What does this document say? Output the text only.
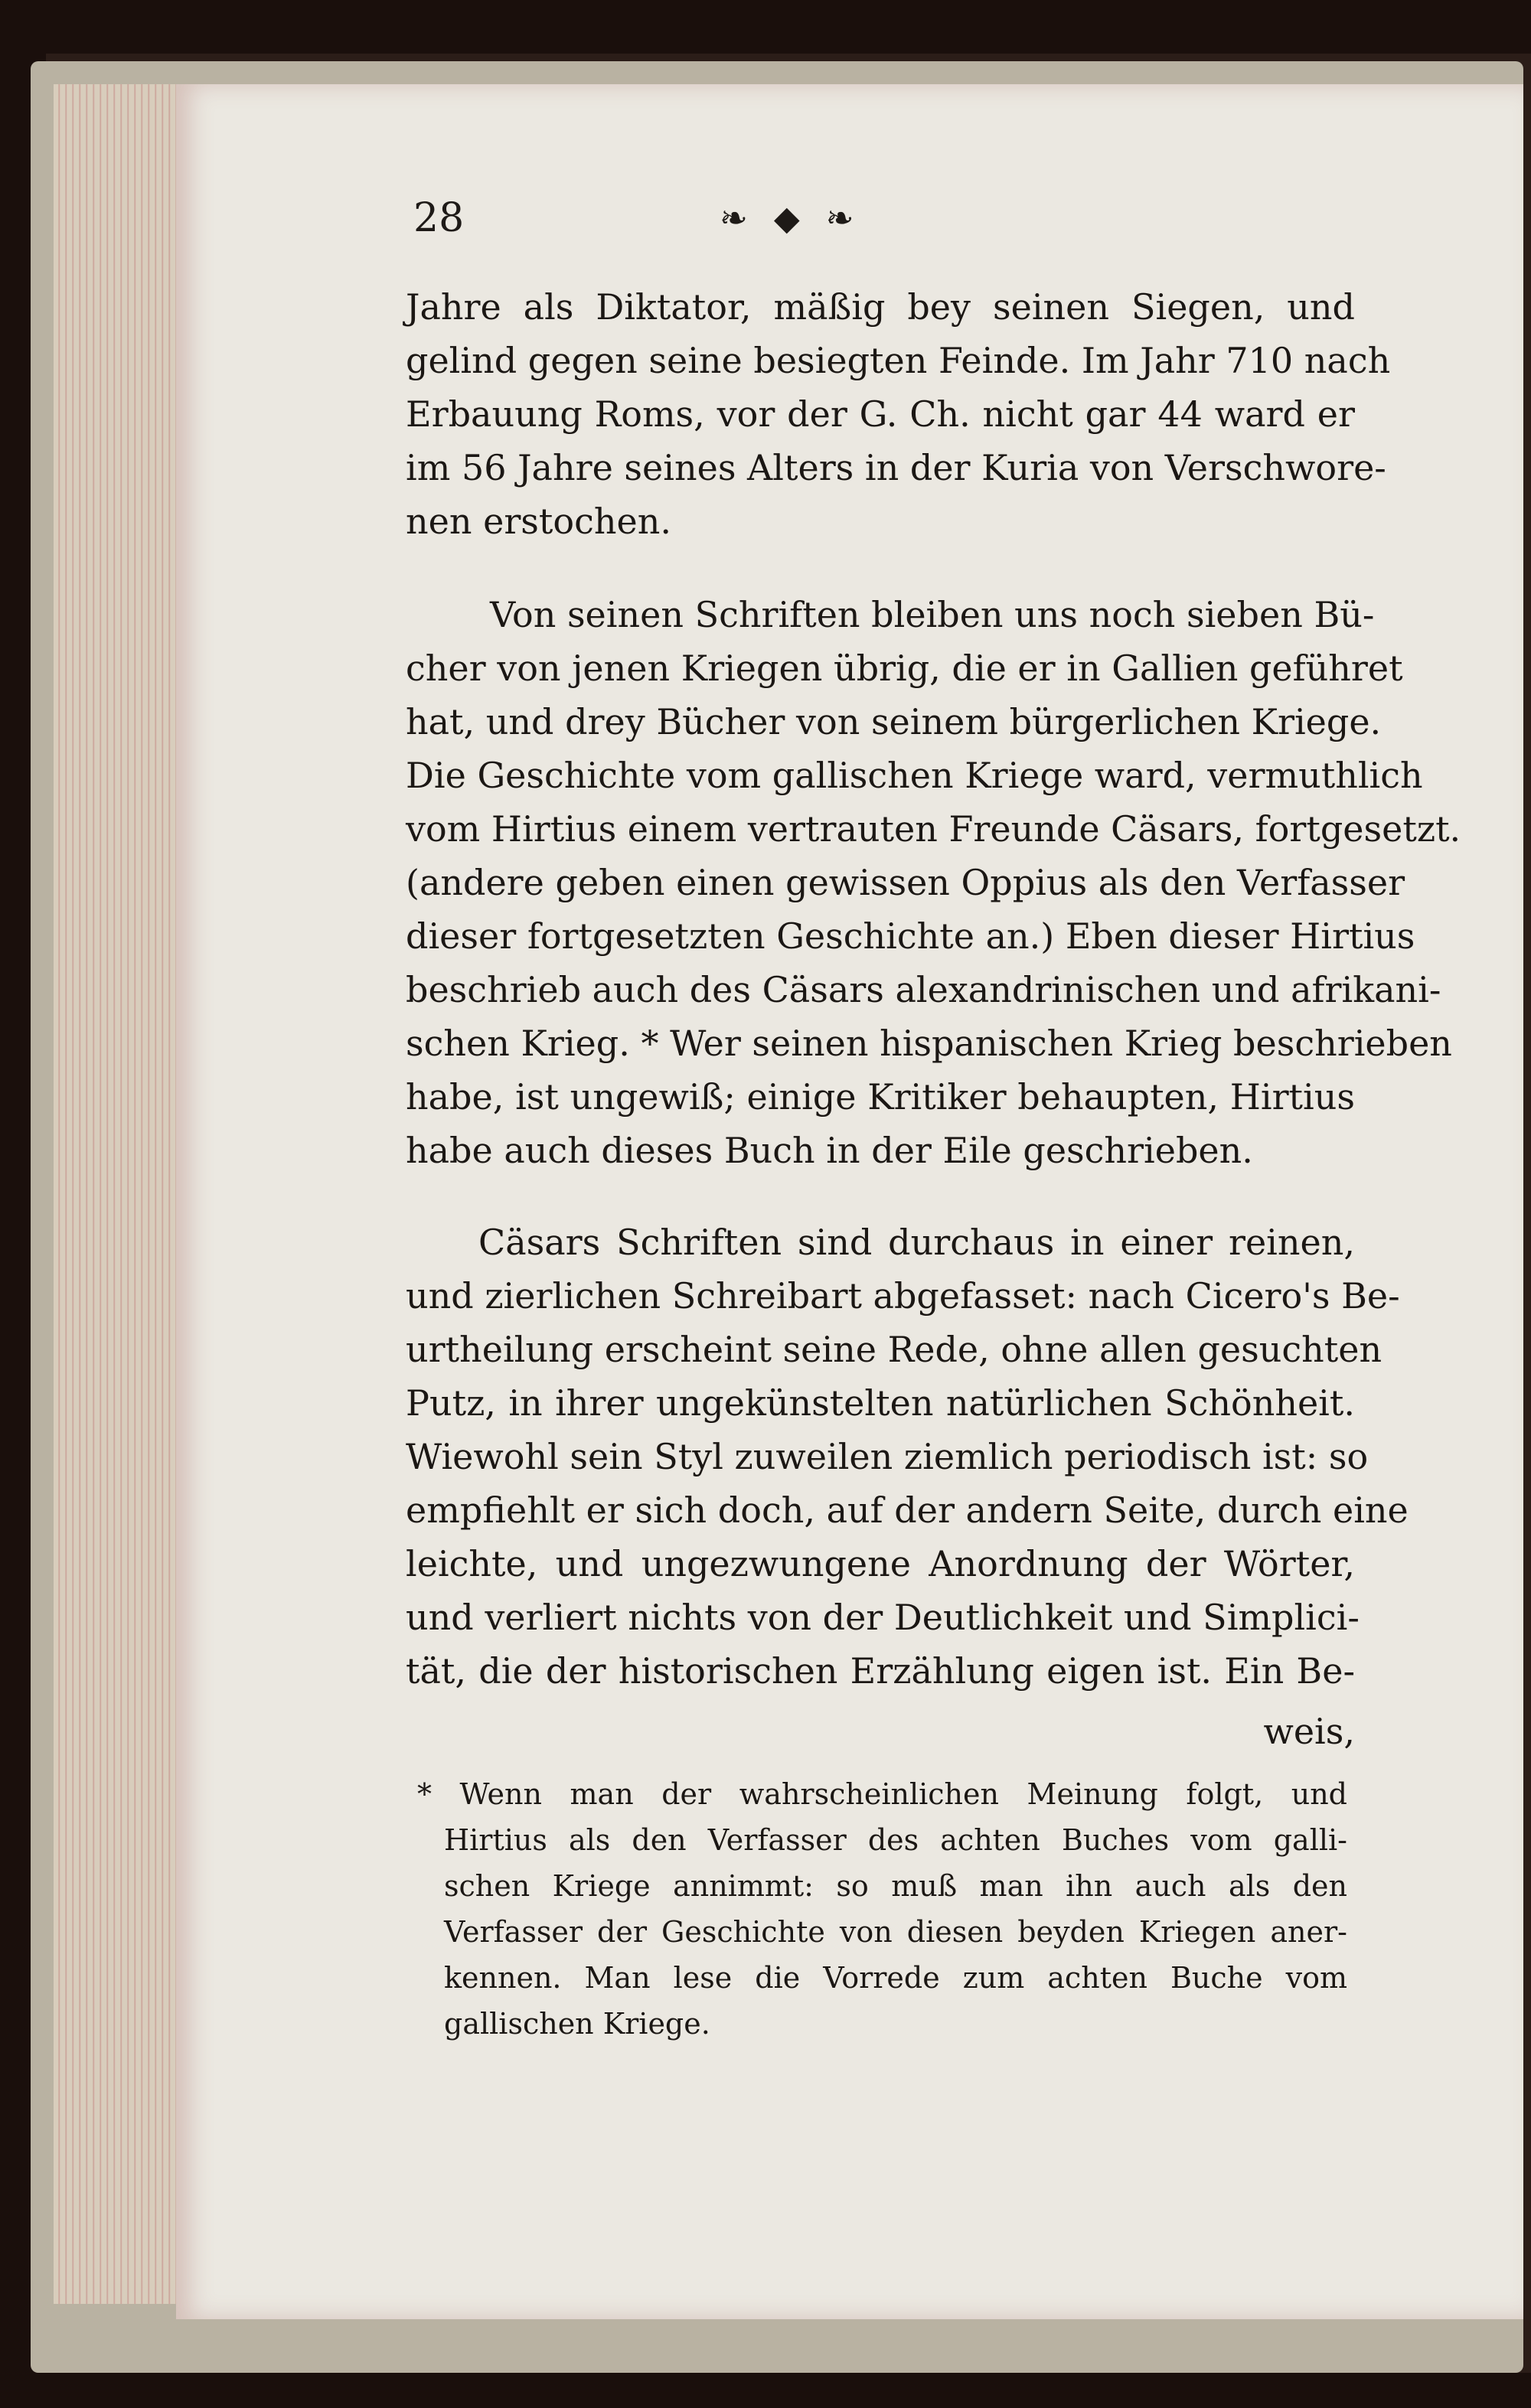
28	❧ ◆ ❧
Jahre als Diktator, mäßig bey seinen Siegen, und
gelind gegen seine besiegten Feinde. Im Jahr 710 nach
Erbauung Roms, vor der G. Ch. nicht gar 44 ward er
im 56 Jahre seines Alters in der Kuria von Verschwore-
nen erstochen.
Von seinen Schriften bleiben uns noch sieben Bü-
cher von jenen Kriegen übrig, die er in Gallien geführet
hat, und drey Bücher von seinem bürgerlichen Kriege.
Die Geschichte vom gallischen Kriege ward, vermuthlich
vom Hirtius einem vertrauten Freunde Cäsars, fortgesetzt.
(andere geben einen gewissen Oppius als den Verfasser
dieser fortgesetzten Geschichte an.) Eben dieser Hirtius
beschrieb auch des Cäsars alexandrinischen und afrikani-
schen Krieg. * Wer seinen hispanischen Krieg beschrieben
habe, ist ungewiß; einige Kritiker behaupten, Hirtius
habe auch dieses Buch in der Eile geschrieben.
Cäsars Schriften sind durchaus in einer reinen,
und zierlichen Schreibart abgefasset: nach Cicero's Be-
urtheilung erscheint seine Rede, ohne allen gesuchten
Putz, in ihrer ungekünstelten natürlichen Schönheit.
Wiewohl sein Styl zuweilen ziemlich periodisch ist: so
empfiehlt er sich doch, auf der andern Seite, durch eine
leichte, und ungezwungene Anordnung der Wörter,
und verliert nichts von der Deutlichkeit und Simplici-
tät, die der historischen Erzählung eigen ist. Ein Be-
weis,
* Wenn man der wahrscheinlichen Meinung folgt, und
Hirtius als den Verfasser des achten Buches vom galli-
schen Kriege annimmt: so muß man ihn auch als den
Verfasser der Geschichte von diesen beyden Kriegen aner-
kennen. Man lese die Vorrede zum achten Buche vom
gallischen Kriege.
